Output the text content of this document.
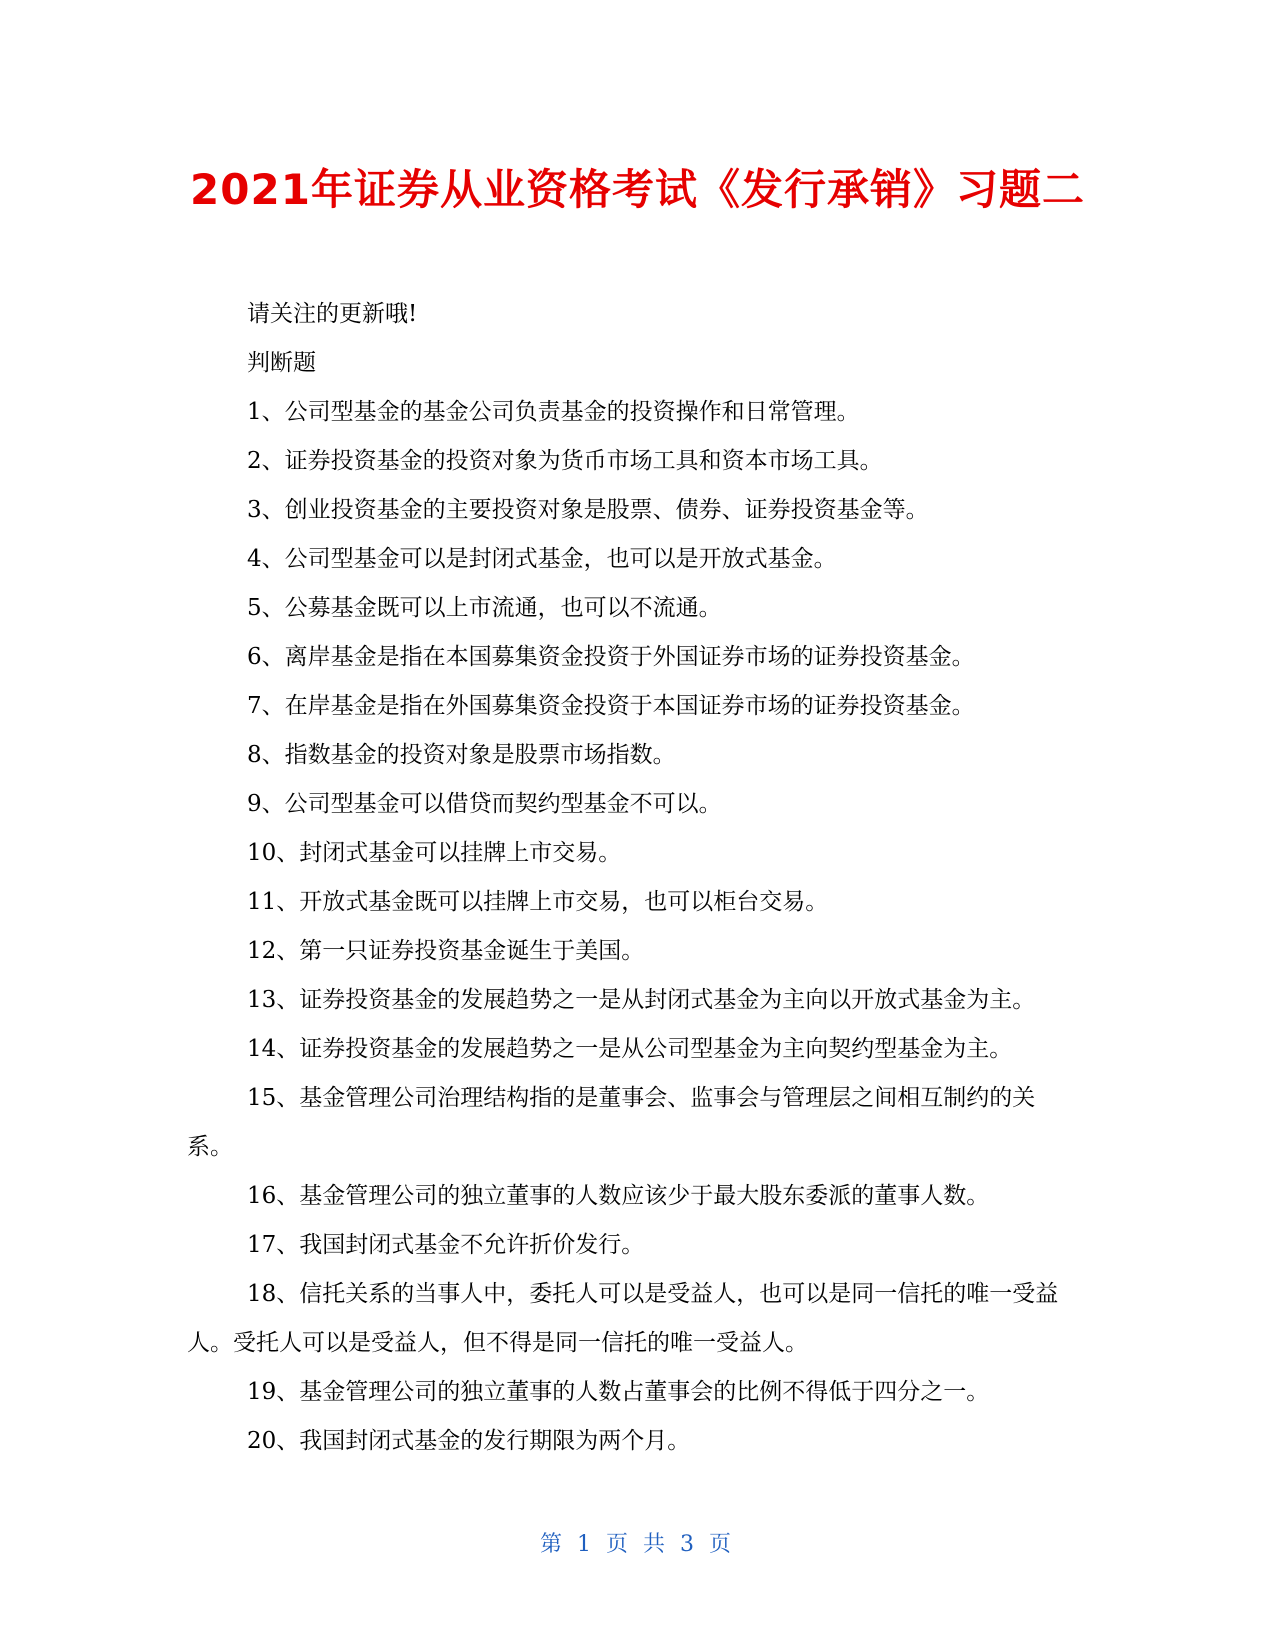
2021年证券从业资格考试《发行承销》习题二

请关注的更新哦!

判断题

1、公司型基金的基金公司负责基金的投资操作和日常管理。

2、证券投资基金的投资对象为货币市场工具和资本市场工具。

3、创业投资基金的主要投资对象是股票、债券、证券投资基金等。

4、公司型基金可以是封闭式基金，也可以是开放式基金。

5、公募基金既可以上市流通，也可以不流通。

6、离岸基金是指在本国募集资金投资于外国证券市场的证券投资基金。

7、在岸基金是指在外国募集资金投资于本国证券市场的证券投资基金。

8、指数基金的投资对象是股票市场指数。

9、公司型基金可以借贷而契约型基金不可以。

10、封闭式基金可以挂牌上市交易。

11、开放式基金既可以挂牌上市交易，也可以柜台交易。

12、第一只证券投资基金诞生于美国。

13、证券投资基金的发展趋势之一是从封闭式基金为主向以开放式基金为主。

14、证券投资基金的发展趋势之一是从公司型基金为主向契约型基金为主。

15、基金管理公司治理结构指的是董事会、监事会与管理层之间相互制约的关系。

16、基金管理公司的独立董事的人数应该少于最大股东委派的董事人数。

17、我国封闭式基金不允许折价发行。

18、信托关系的当事人中，委托人可以是受益人，也可以是同一信托的唯一受益人。受托人可以是受益人，但不得是同一信托的唯一受益人。

19、基金管理公司的独立董事的人数占董事会的比例不得低于四分之一。

20、我国封闭式基金的发行期限为两个月。

第 1 页 共 3 页
